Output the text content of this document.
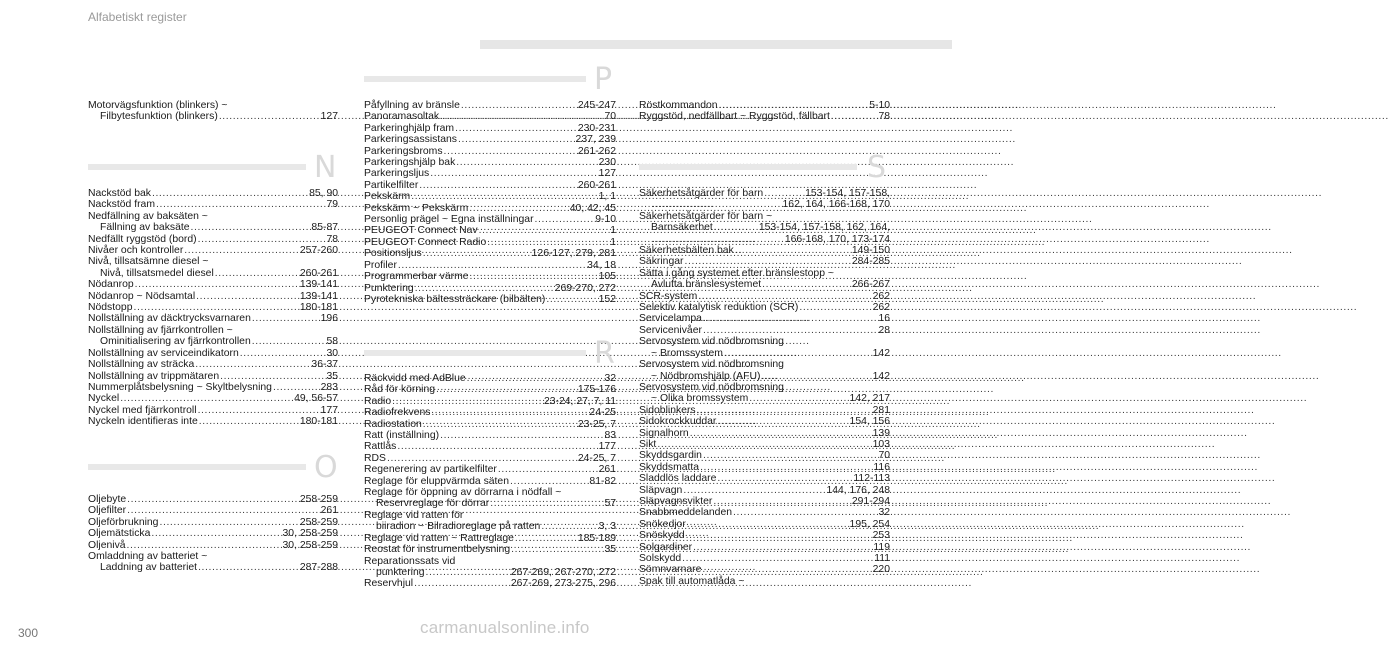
Alfabetiskt register
Motorvägsfunktion (blinkers) ~
Filbytesfunktion (blinkers) .....	127
N
Nackstöd bak .....	85, 90
Nackstöd fram .....	79
Nedfällning av baksäten ~
Fällning av baksäte .....	85-87
Nedfällt ryggstöd (bord) .....	78
Nivåer och kontroller .....	257-260
Nivå, tillsatsämne diesel ~
Nivå, tillsatsmedel diesel .....	260-261
Nödanrop .....	139-141
Nödanrop ~ Nödsamtal .....	139-141
Nödstopp .....	180-181
Nollställning av däcktrycksvarnaren .....	196
Nollställning av fjärrkontrollen ~
Ominitialisering av fjärrkontrollen .....	58
Nollställning av serviceindikatorn .....	30
Nollställning av sträcka .....	36-37
Nollställning av trippmätaren .....	35
Nummerplåtsbelysning ~ Skyltbelysning .....	283
Nyckel .....	49, 56-57
Nyckel med fjärrkontroll .....	177
Nyckeln identifieras inte .....	180-181
O
Oljebyte .....	258-259
Oljefilter .....	261
Oljeförbrukning .....	258-259
Oljemätsticka .....	30, 258-259
Oljenivå .....	30, 258-259
Omladdning av batteriet ~
Laddning av batteriet .....	287-288
P
Påfyllning av bränsle .....	245-247
Panoramasoltak .....	70
Parkeringhjälp fram .....	230-231
Parkeringsassistans .....	237, 239
Parkeringsbroms .....	261-262
Parkeringshjälp bak .....	230
Parkeringsljus .....	127
Partikelfilter .....	260-261
Pekskärm .....	1, 1
Pekskärm ~ Pekskärm .....	40, 42, 45
Personlig prägel ~ Egna inställningar .....	9-10
PEUGEOT Connect Nav .....	1
PEUGEOT Connect Radio .....	1
Positionsljus .....	126-127, 279, 281
Profiler .....	34, 18
Programmerbar värme .....	105
Punktering .....	269-270, 272
Pyrotekniska bältessträckare (bilbälten) .....	152
R
Räckvidd med AdBlue .....	32
Råd för körning .....	175-176
Radio .....	23-24, 27, 7, 11
Radiofrekvens .....	24-25
Radiostation .....	23-25, 7
Ratt (inställning) .....	83
Rattlås .....	177
RDS .....	24-25, 7
Regenerering av partikelfilter .....	261
Reglage för eluppvärmda säten .....	81-82
Reglage för öppning av dörrarna i nödfall ~
Reservreglage för dörrar .....	57
Reglage vid ratten för
biiradion ~ Bilradioreglage på ratten .....	3, 3
Reglage vid ratten ~ Rattreglage .....	185-189
Reostat för instrumentbelysning .....	35
Reparationssats vid
punktering .....	267-269, 267-270, 272
Reservhjul .....	267-269, 273-275, 296
Röstkommandon .....	5-10
Ryggstöd, nedfällbart ~ Ryggstöd, fällbart .....	78
S
Säkerhetsåtgärder för barn .....	153-154, 157-158,
.....
162, 164, 166-168, 170
Säkerhetsåtgärder för barn ~
Barnsäkerhet .....	153-154, 157-158, 162, 164,
.....
166-168, 170, 173-174
Säkerhetsbälten bak .....	149-150
Säkringar .....	284-285
Sätta i gång systemet efter bränslestopp ~
Avlufta bränslesystemet .....	266-267
SCR-system .....	262
Selektiv katalytisk reduktion (SCR) .....	262
Servicelampa .....	16
Servicenivåer .....	28
Servosystem vid nödbromsning
~ Bromssystem .....	142
Servosystem vid nödbromsning
~ Nödbromshjälp (AFU) .....	142
Servosystem vid nödbromsning
~ Olika bromssystem .....	142, 217
Sidoblinkers .....	281
Sidokrockkuddar .....	154, 156
Signalhorn .....	139
Sikt .....	103
Skyddsgardin .....	70
Skyddsmatta .....	116
Sladdlös laddare .....	112-113
Släpvagn .....	144, 176, 248
Släpvagnsvikter .....	291-294
Snabbmeddelanden .....	32
Snökedjor .....	195, 254
Snöskydd .....	253
Solgardiner .....	119
Solskydd .....	111
Sömnvarnare .....	220
Spak till automatlåda ~
300	carmanualsonline.info
